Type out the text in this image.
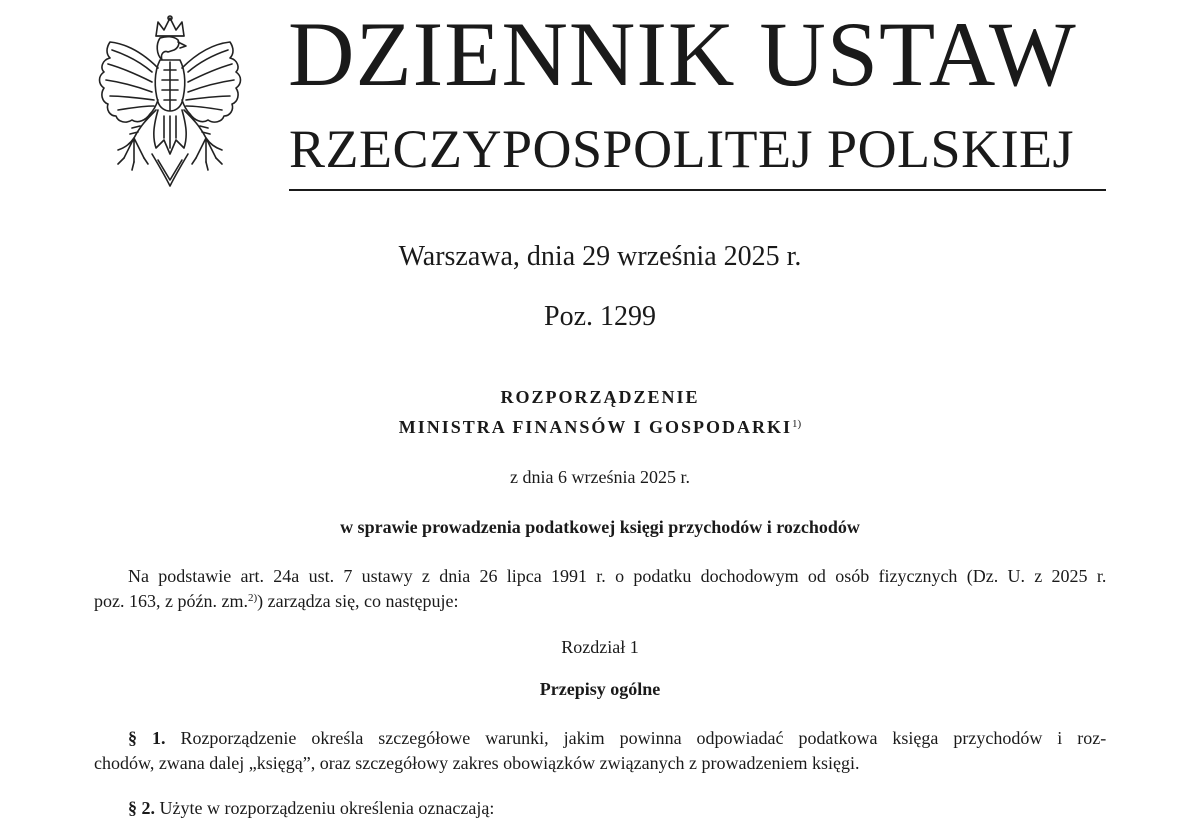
DZIENNIK USTAW
RZECZYPOSPOLITEJ POLSKIEJ
Warszawa, dnia 29 września 2025 r.
Poz. 1299
ROZPORZĄDZENIE
MINISTRA FINANSÓW I GOSPODARKI$^{1)}$
z dnia 6 września 2025 r.
w sprawie prowadzenia podatkowej księgi przychodów i rozchodów
Na podstawie art. 24a ust. 7 ustawy z dnia 26 lipca 1991 r. o podatku dochodowym od osób fizycznych (Dz. U. z 2025 r.
poz. 163, z późn. zm.$^{2)}$) zarządza się, co następuje:
Rozdział 1
Przepisy ogólne
§ 1. Rozporządzenie określa szczegółowe warunki, jakim powinna odpowiadać podatkowa księga przychodów i roz-
chodów, zwana dalej „księgą”, oraz szczegółowy zakres obowiązków związanych z prowadzeniem księgi.
§ 2. Użyte w rozporządzeniu określenia oznaczają:
